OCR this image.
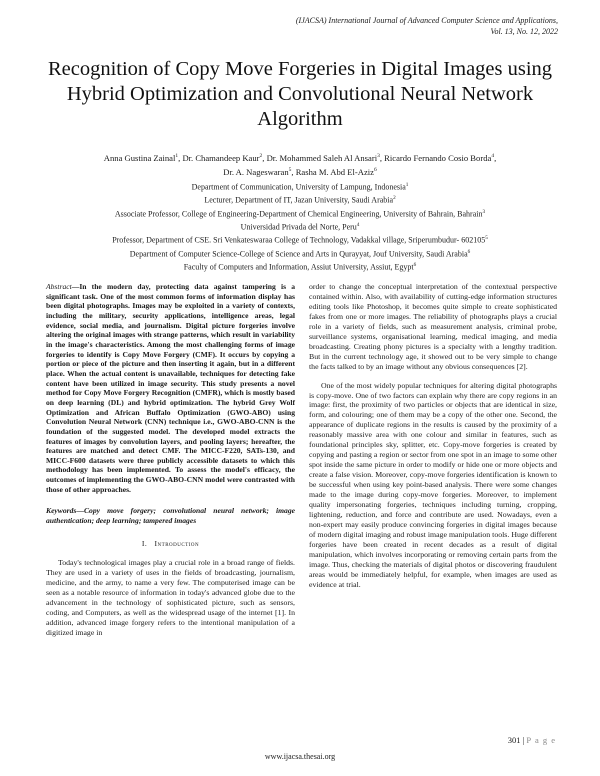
(IJACSA) International Journal of Advanced Computer Science and Applications,
Vol. 13, No. 12, 2022
Recognition of Copy Move Forgeries in Digital Images using Hybrid Optimization and Convolutional Neural Network Algorithm
Anna Gustina Zainal$^1$, Dr. Chamandeep Kaur$^2$, Dr. Mohammed Saleh Al Ansari$^3$, Ricardo Fernando Cosio Borda$^4$,
Dr. A. Nageswaran$^5$, Rasha M. Abd El-Aziz$^6$
Department of Communication, University of Lampung, Indonesia$^1$
Lecturer, Department of IT, Jazan University, Saudi Arabia$^2$
Associate Professor, College of Engineering-Department of Chemical Engineering, University of Bahrain, Bahrain$^3$
Universidad Privada del Norte, Peru$^4$
Professor, Department of CSE. Sri Venkateswaraa College of Technology, Vadakkal village, Sriperumbudur- 602105$^5$
Department of Computer Science-College of Science and Arts in Qurayyat, Jouf University, Saudi Arabia$^6$
Faculty of Computers and Information, Assiut University, Assiut, Egypt$^6$

Abstract—In the modern day, protecting data against tampering is a significant task. One of the most common forms of information display has been digital photographs. Images may be exploited in a variety of contexts, including the military, security applications, intelligence areas, legal evidence, social media, and journalism. Digital picture forgeries involve altering the original images with strange patterns, which result in variability in the image's characteristics. Among the most challenging forms of image forgeries to identify is Copy Move Forgery (CMF). It occurs by copying a portion or piece of the picture and then inserting it again, but in a different place. When the actual content is unavailable, techniques for detecting fake content have been utilized in image security. This study presents a novel method for Copy Move Forgery Recognition (CMFR), which is mostly based on deep learning (DL) and hybrid optimization. The hybrid Grey Wolf Optimization and African Buffalo Optimization (GWO-ABO) using Convolution Neural Network (CNN) technique i.e., GWO-ABO-CNN is the foundation of the suggested model. The developed model extracts the features of images by convolution layers, and pooling layers; hereafter, the features are matched and detect CMF. The MICC-F220, SATs-130, and MICC-F600 datasets were three publicly accessible datasets to which this methodology has been implemented. To assess the model's efficacy, the outcomes of implementing the GWO-ABO-CNN model were contrasted with those of other approaches.

Keywords—Copy move forgery; convolutional neural network; image authentication; deep learning; tampered images

I. Introduction

Today's technological images play a crucial role in a broad range of fields. They are used in a variety of uses in the fields of broadcasting, journalism, medicine, and the army, to name a very few. The computerised image can be seen as a notable resource of information in today's advanced globe due to the advancement in the technology of sophisticated picture, such as sensors, coding, and Computers, as well as the widespread usage of the internet [1]. In addition, advanced image forgery refers to the intentional manipulation of a digitized image in

order to change the conceptual interpretation of the contextual perspective contained within. Also, with availability of cutting-edge information structures editing tools like Photoshop, it becomes quite simple to create sophisticated fakes from one or more images. The reliability of photographs plays a crucial role in a variety of fields, such as measurement analysis, criminal probe, surveillance systems, organisational learning, medical imaging, and media broadcasting. Creating phony pictures is a specialty with a lengthy tradition. But in the current technology age, it showed out to be very simple to change the facts talked to by an image without any obvious consequences [2].

One of the most widely popular techniques for altering digital photographs is copy-move. One of two factors can explain why there are copy regions in an image: first, the proximity of two particles or objects that are identical in size, form, and colouring; one of them may be a copy of the other one. Second, the appearance of duplicate regions in the results is caused by the proximity of a reasonably massive area with one colour and similar in features, such as foundational principles sky, splitter, etc. Copy-move forgeries is created by copying and pasting a region or sector from one spot in an image to some other spot inside the same picture in order to modify or hide one or more objects and create a false vision. Moreover, copy-move forgeries identification is known to be successful when using key point-based analysis. There were some changes made to the image during copy-move forgeries. Moreover, to implement quality impersonating forgeries, techniques including turning, cropping, lightening, reduction, and force and contribute are used. Nowadays, even a non-expert may easily produce convincing forgeries in digital images because of modern digital imaging and robust image manipulation tools. Huge different forgeries have been created in recent decades as a result of digital manipulation, which involves incorporating or removing certain parts from the image. Thus, checking the materials of digital photos or discovering fraudulent areas would be immediately helpful, for example, when images are used as evidence at trial.

301 | P a g e
www.ijacsa.thesai.org
